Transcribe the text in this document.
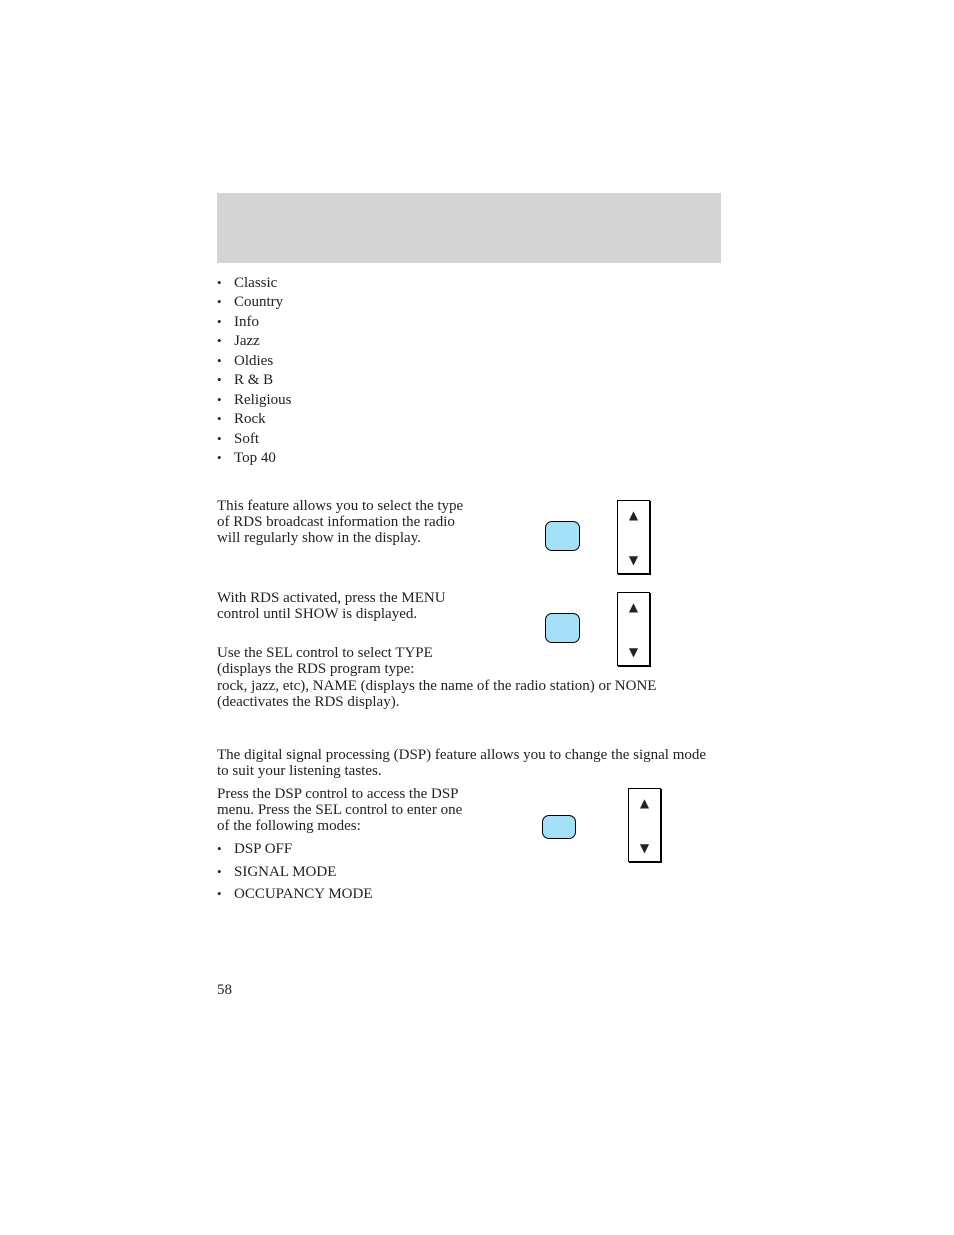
• Classic
• Country
• Info
• Jazz
• Oldies
• R & B
• Religious
• Rock
• Soft
• Top 40

This feature allows you to select the type of RDS broadcast information the radio will regularly show in the display.

▲
▼

With RDS activated, press the MENU control until SHOW is displayed.	▲
▼

Use the SEL control to select TYPE (displays the RDS program type:

rock, jazz, etc), NAME (displays the name of the radio station) or NONE (deactivates the RDS display).

The digital signal processing (DSP) feature allows you to change the signal mode to suit your listening tastes.

Press the DSP control to access the DSP menu. Press the SEL control to enter one of the following modes:

▲
▼
• DSP OFF
• SIGNAL MODE
• OCCUPANCY MODE
58
